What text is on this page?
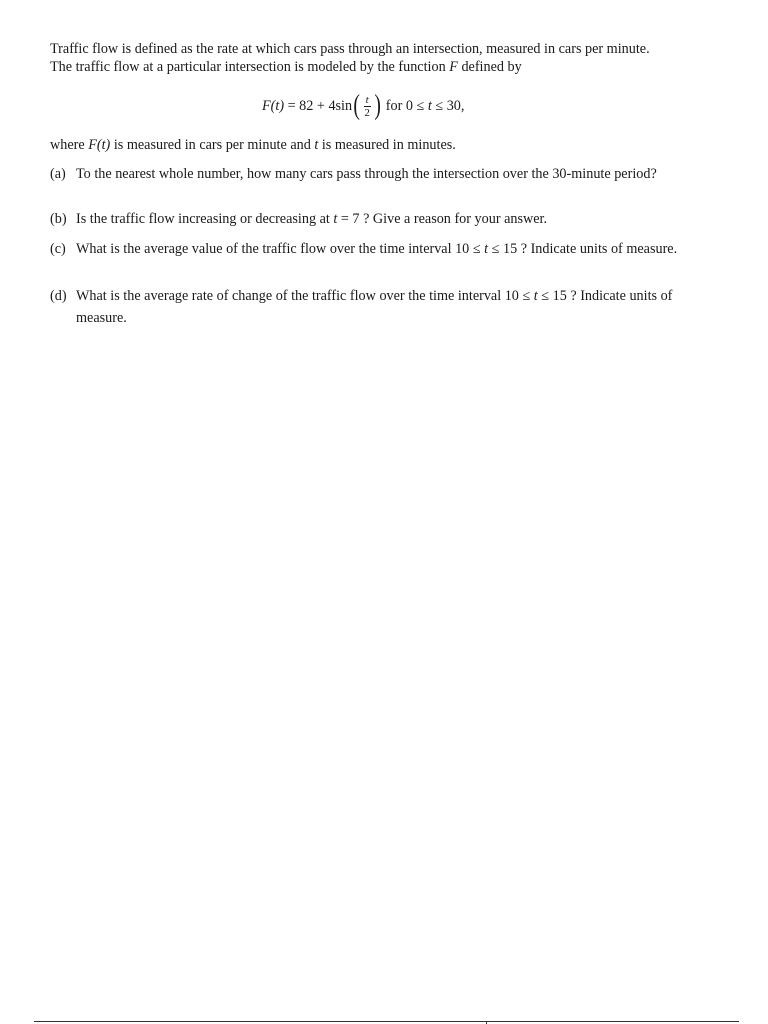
Traffic flow is defined as the rate at which cars pass through an intersection, measured in cars per minute.

The traffic flow at a particular intersection is modeled by the function F defined by

F(t) = 82 + 4sin ( $\frac{t}{2}$ ) for 0 ≤ t ≤ 30,

where F(t) is measured in cars per minute and t is measured in minutes.

(a) To the nearest whole number, how many cars pass through the intersection over the 30-minute period?
(b) Is the traffic flow increasing or decreasing at t = 7 ? Give a reason for your answer.
(c) What is the average value of the traffic flow over the time interval 10 ≤ t ≤ 15 ? Indicate units of measure.
(d) What is the average rate of change of the traffic flow over the time interval 10 ≤ t ≤ 15 ? Indicate units of measure.
